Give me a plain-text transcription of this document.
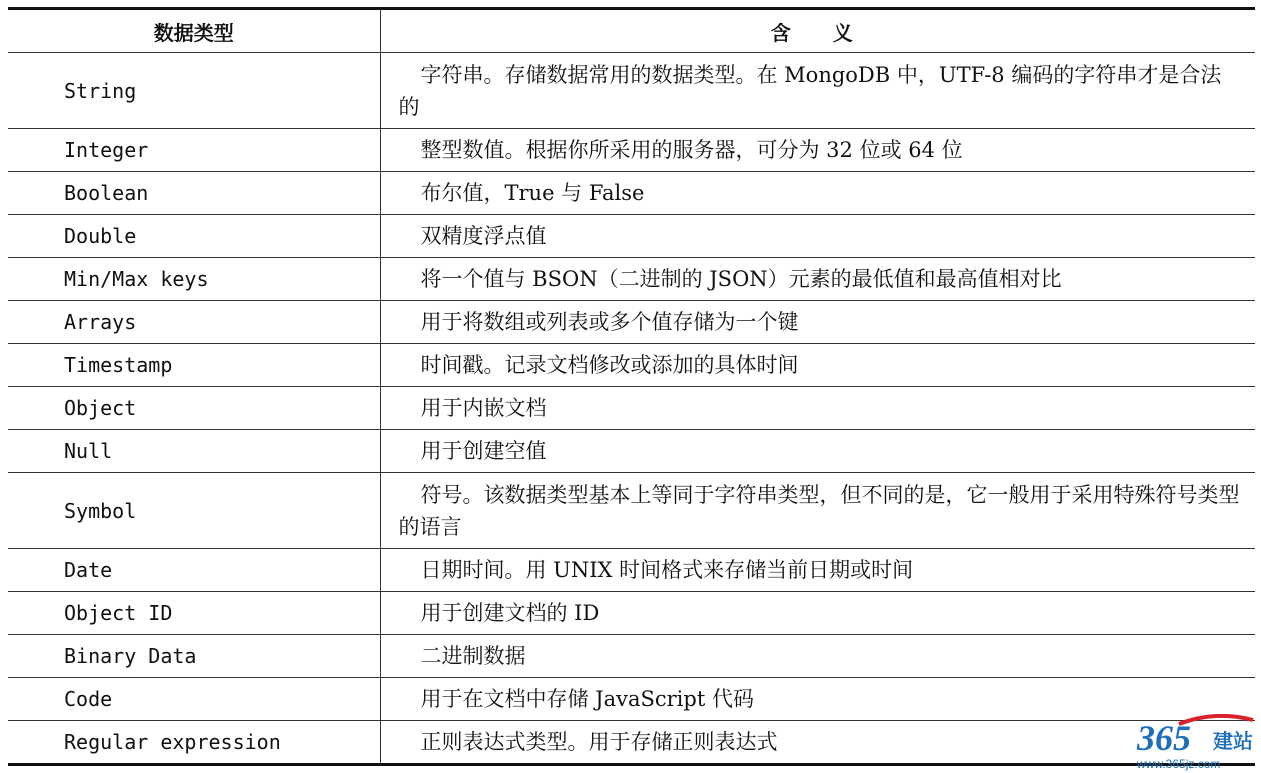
数据类型	含义
String	字符串。存储数据常用的数据类型。在 MongoDB 中，UTF-8 编码的字符串才是合法的
Integer	整型数值。根据你所采用的服务器，可分为 32 位或 64 位
Boolean	布尔值，True 与 False
Double	双精度浮点值
Min/Max keys	将一个值与 BSON（二进制的 JSON）元素的最低值和最高值相对比
Arrays	用于将数组或列表或多个值存储为一个键
Timestamp	时间戳。记录文档修改或添加的具体时间
Object	用于内嵌文档
Null	用于创建空值
Symbol	符号。该数据类型基本上等同于字符串类型，但不同的是，它一般用于采用特殊符号类型的语言
Date	日期时间。用 UNIX 时间格式来存储当前日期或时间
Object ID	用于创建文档的 ID
Binary Data	二进制数据
Code	用于在文档中存储 JavaScript 代码
Regular expression	正则表达式类型。用于存储正则表达式	365 建站
www.365jz.com
